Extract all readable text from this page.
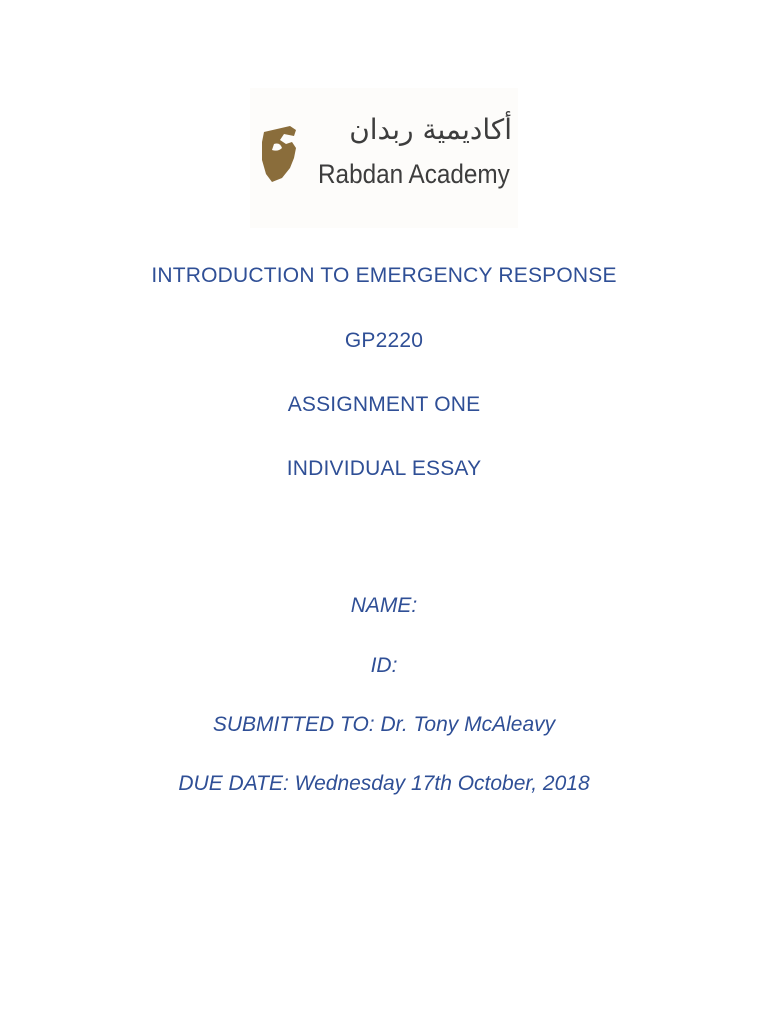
أكاديمية ربدان
Rabdan Academy
INTRODUCTION TO EMERGENCY RESPONSE
GP2220
ASSIGNMENT ONE
INDIVIDUAL ESSAY
NAME:
ID:
SUBMITTED TO: Dr. Tony McAleavy
DUE DATE: Wednesday 17th October, 2018
